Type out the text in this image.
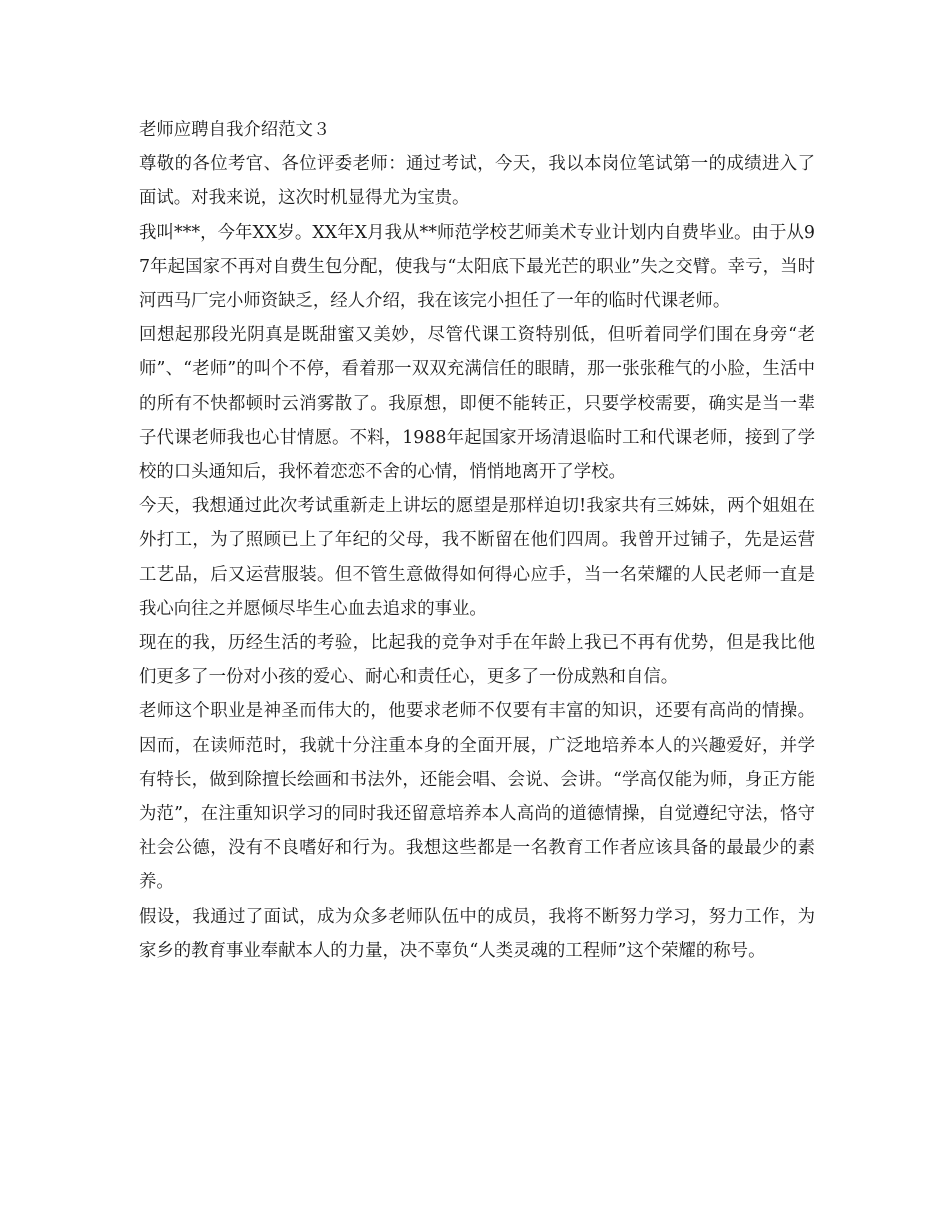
老师应聘自我介绍范文３

尊敬的各位考官、各位评委老师：通过考试，今天，我以本岗位笔试第一的成绩进入了面试。对我来说，这次时机显得尤为宝贵。

我叫***，今年XX岁。XX年X月我从**师范学校艺师美术专业计划内自费毕业。由于从97年起国家不再对自费生包分配，使我与“太阳底下最光芒的职业”失之交臂。幸亏，当时河西马厂完小师资缺乏，经人介绍，我在该完小担任了一年的临时代课老师。

回想起那段光阴真是既甜蜜又美妙，尽管代课工资特别低，但听着同学们围在身旁“老师”、“老师”的叫个不停，看着那一双双充满信任的眼睛，那一张张稚气的小脸，生活中的所有不快都顿时云消雾散了。我原想，即便不能转正，只要学校需要，确实是当一辈子代课老师我也心甘情愿。不料，1988年起国家开场清退临时工和代课老师，接到了学校的口头通知后，我怀着恋恋不舍的心情，悄悄地离开了学校。

今天，我想通过此次考试重新走上讲坛的愿望是那样迫切!我家共有三姊妹，两个姐姐在外打工，为了照顾已上了年纪的父母，我不断留在他们四周。我曾开过铺子，先是运营工艺品，后又运营服装。但不管生意做得如何得心应手，当一名荣耀的人民老师一直是我心向往之并愿倾尽毕生心血去追求的事业。

现在的我，历经生活的考验，比起我的竞争对手在年龄上我已不再有优势，但是我比他们更多了一份对小孩的爱心、耐心和责任心，更多了一份成熟和自信。

老师这个职业是神圣而伟大的，他要求老师不仅要有丰富的知识，还要有高尚的情操。因而，在读师范时，我就十分注重本身的全面开展，广泛地培养本人的兴趣爱好，并学有特长，做到除擅长绘画和书法外，还能会唱、会说、会讲。“学高仅能为师，身正方能为范”，在注重知识学习的同时我还留意培养本人高尚的道德情操，自觉遵纪守法，恪守社会公德，没有不良嗜好和行为。我想这些都是一名教育工作者应该具备的最最少的素养。

假设，我通过了面试，成为众多老师队伍中的成员，我将不断努力学习，努力工作，为家乡的教育事业奉献本人的力量，决不辜负“人类灵魂的工程师”这个荣耀的称号。
